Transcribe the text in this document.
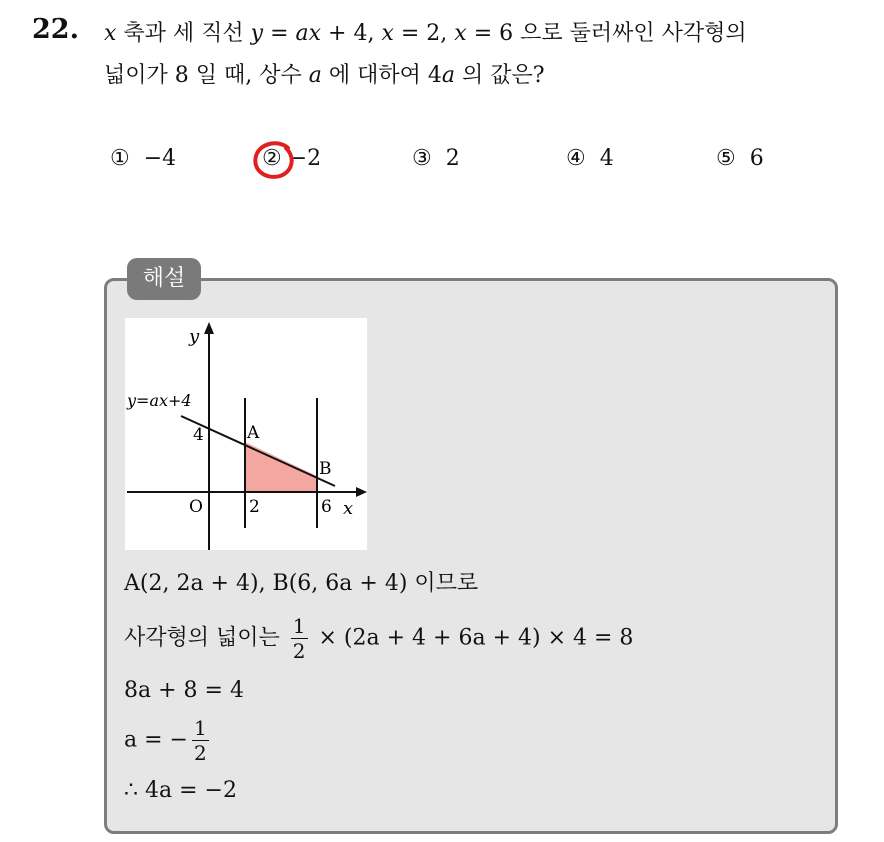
22. x 축과 세 직선 y = ax + 4, x = 2, x = 6 으로 둘러싸인 사각형의
넓이가 8 일 때, 상수 a 에 대하여 4a 의 값은?
① −4	② −2	③ 2	④ 4	⑤ 6
해설
y
x
y=ax+4
O
4
2	6
A
B
A(2, 2a + 4), B(6, 6a + 4) 이므로
사각형의 넓이는 $\frac{1}{2} \times (2a + 4 + 6a + 4) \times 4 = 8$
8a + 8 = 4
a = − $\frac{1}{2}$
∴ 4a = −2
